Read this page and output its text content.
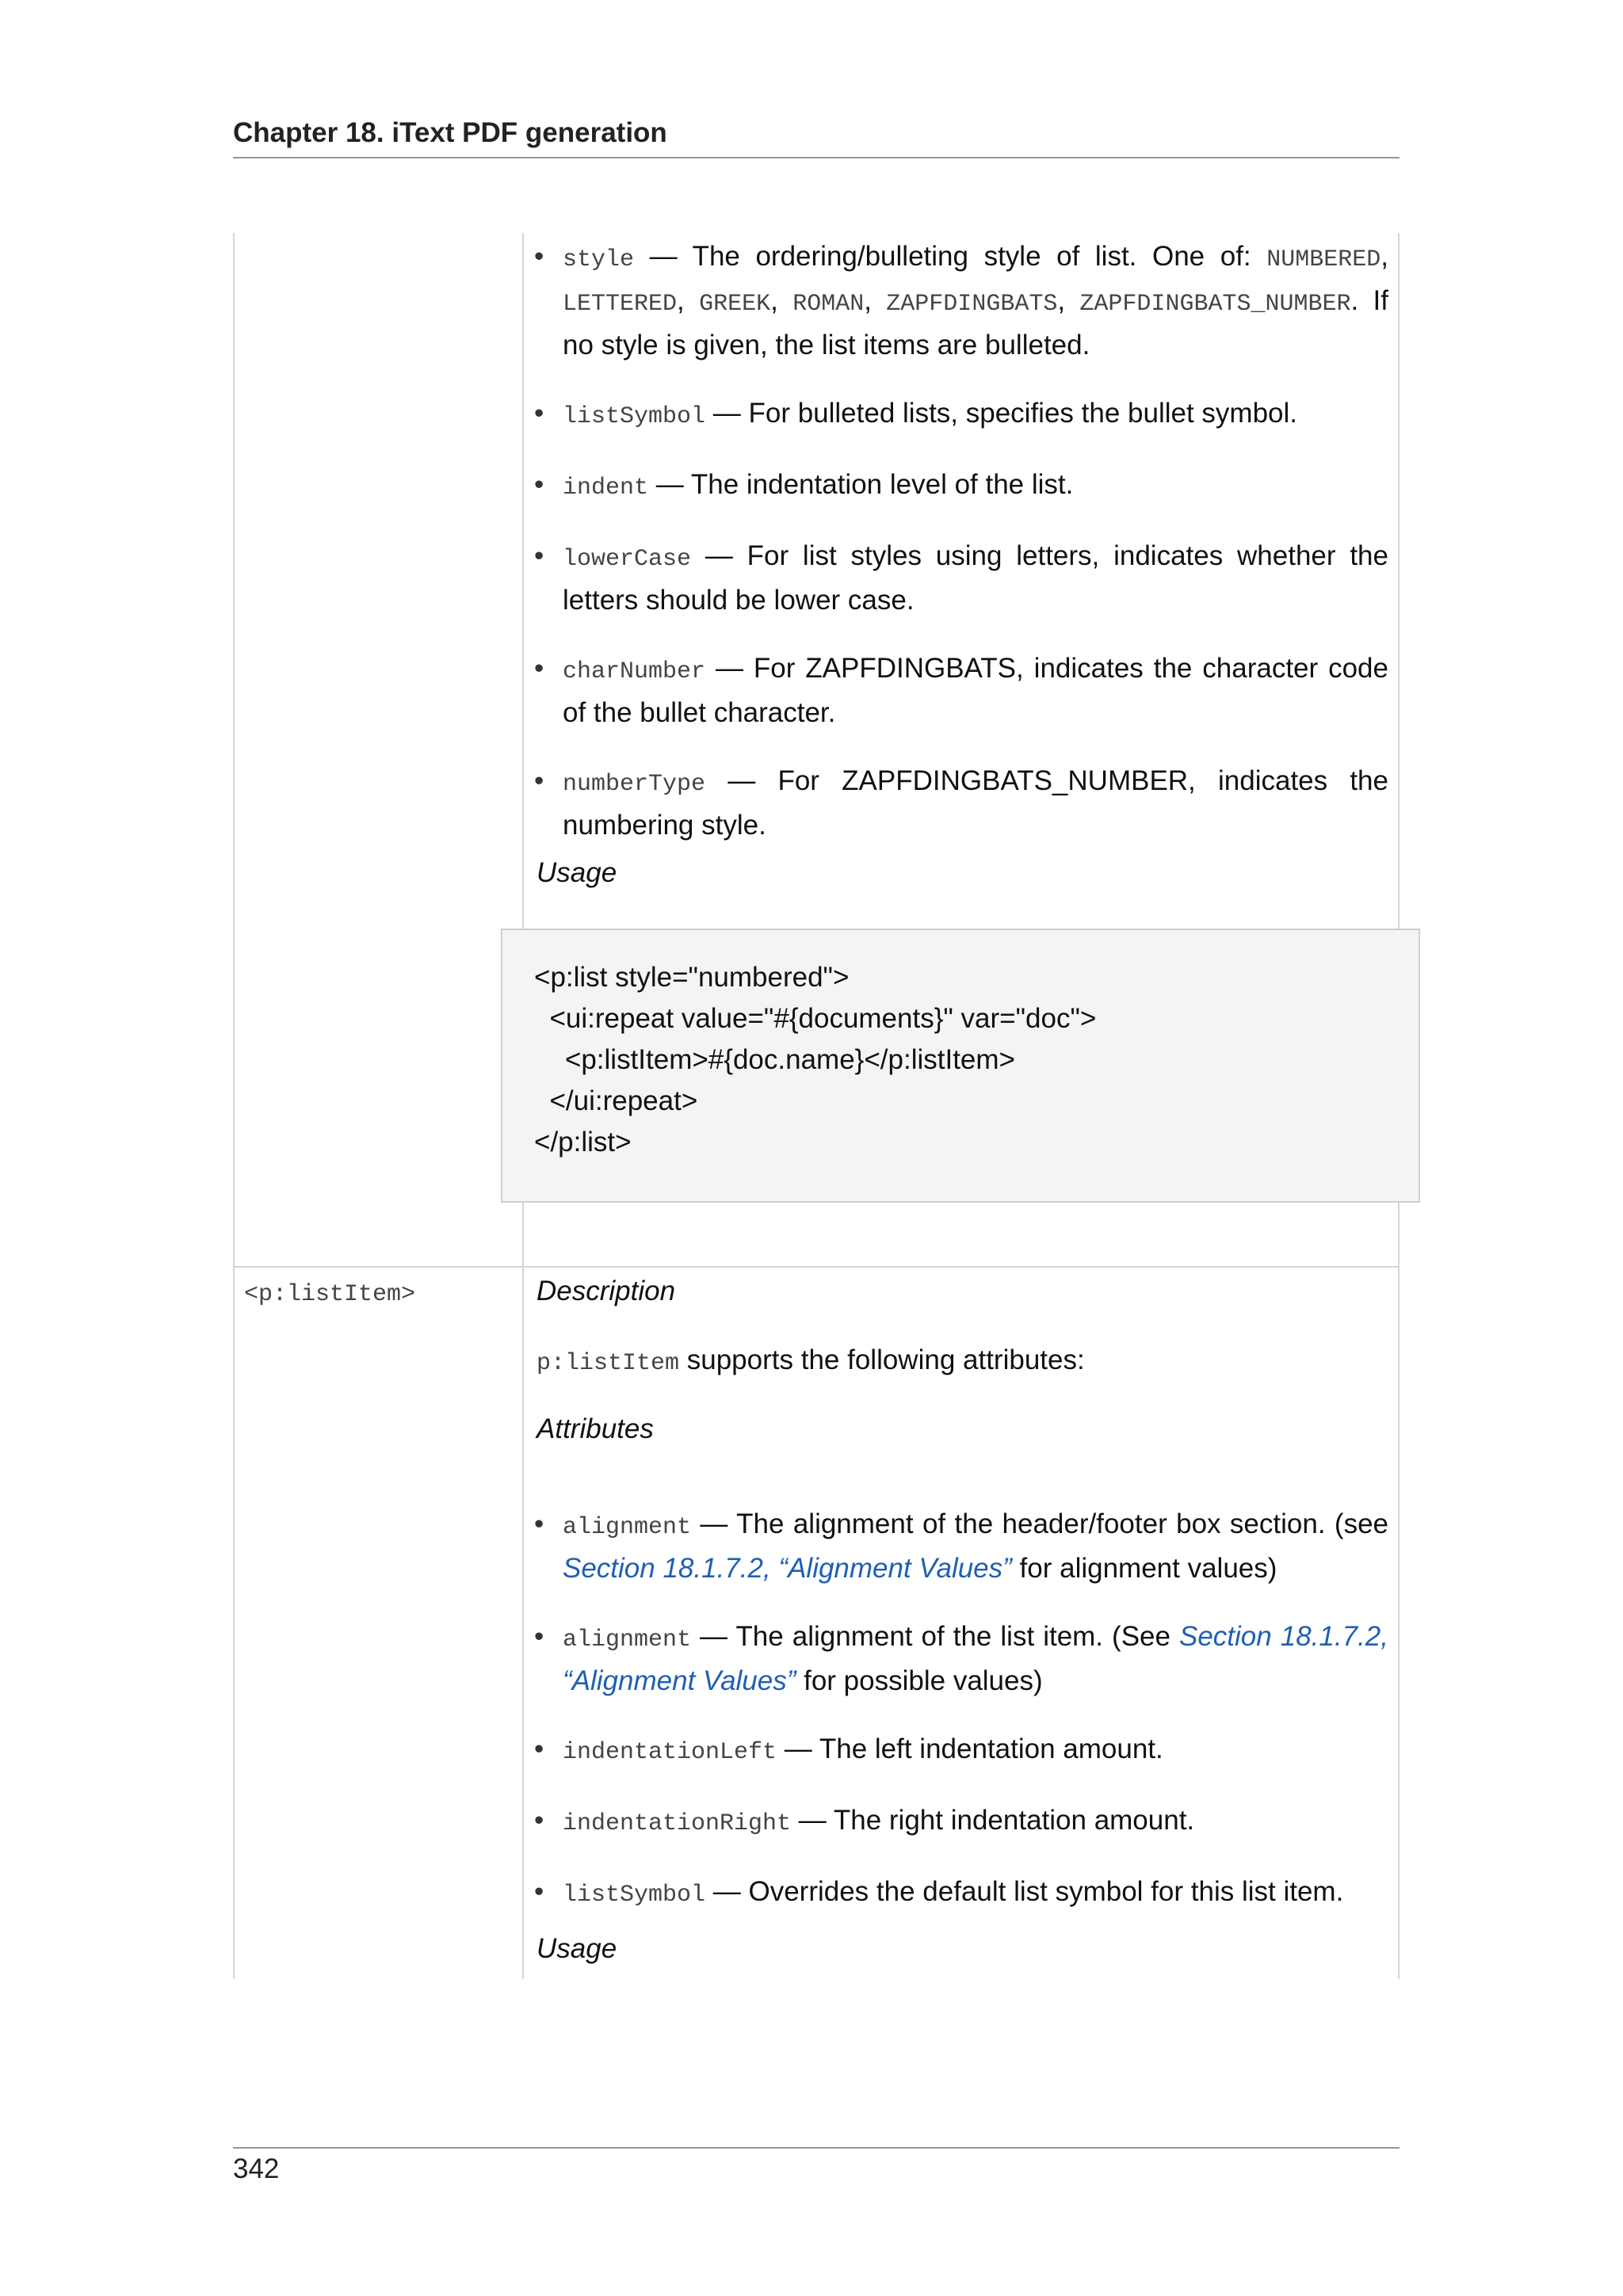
Chapter 18. iText PDF generation
• style — The ordering/bulleting style of list. One of: NUMBERED, LETTERED, GREEK, ROMAN, ZAPFDINGBATS, ZAPFDINGBATS_NUMBER. If no style is given, the list items are bulleted.
• listSymbol — For bulleted lists, specifies the bullet symbol.
• indent — The indentation level of the list.
• lowerCase — For list styles using letters, indicates whether the letters should be lower case.
• charNumber — For ZAPFDINGBATS, indicates the character code of the bullet character.
• numberType — For ZAPFDINGBATS_NUMBER, indicates the numbering style.
Usage
<p:list style="numbered">
<ui:repeat value="#{documents}" var="doc">
<p:listItem>#{doc.name}</p:listItem>
</ui:repeat>
</p:list>
<p:listItem>	Description
p:listItem supports the following attributes:
Attributes
• alignment — The alignment of the header/footer box section. (see Section 18.1.7.2, “Alignment Values” for alignment values)
• alignment — The alignment of the list item. (See Section 18.1.7.2, “Alignment Values” for possible values)
• indentationLeft — The left indentation amount.
• indentationRight — The right indentation amount.
• listSymbol — Overrides the default list symbol for this list item.
Usage
342
